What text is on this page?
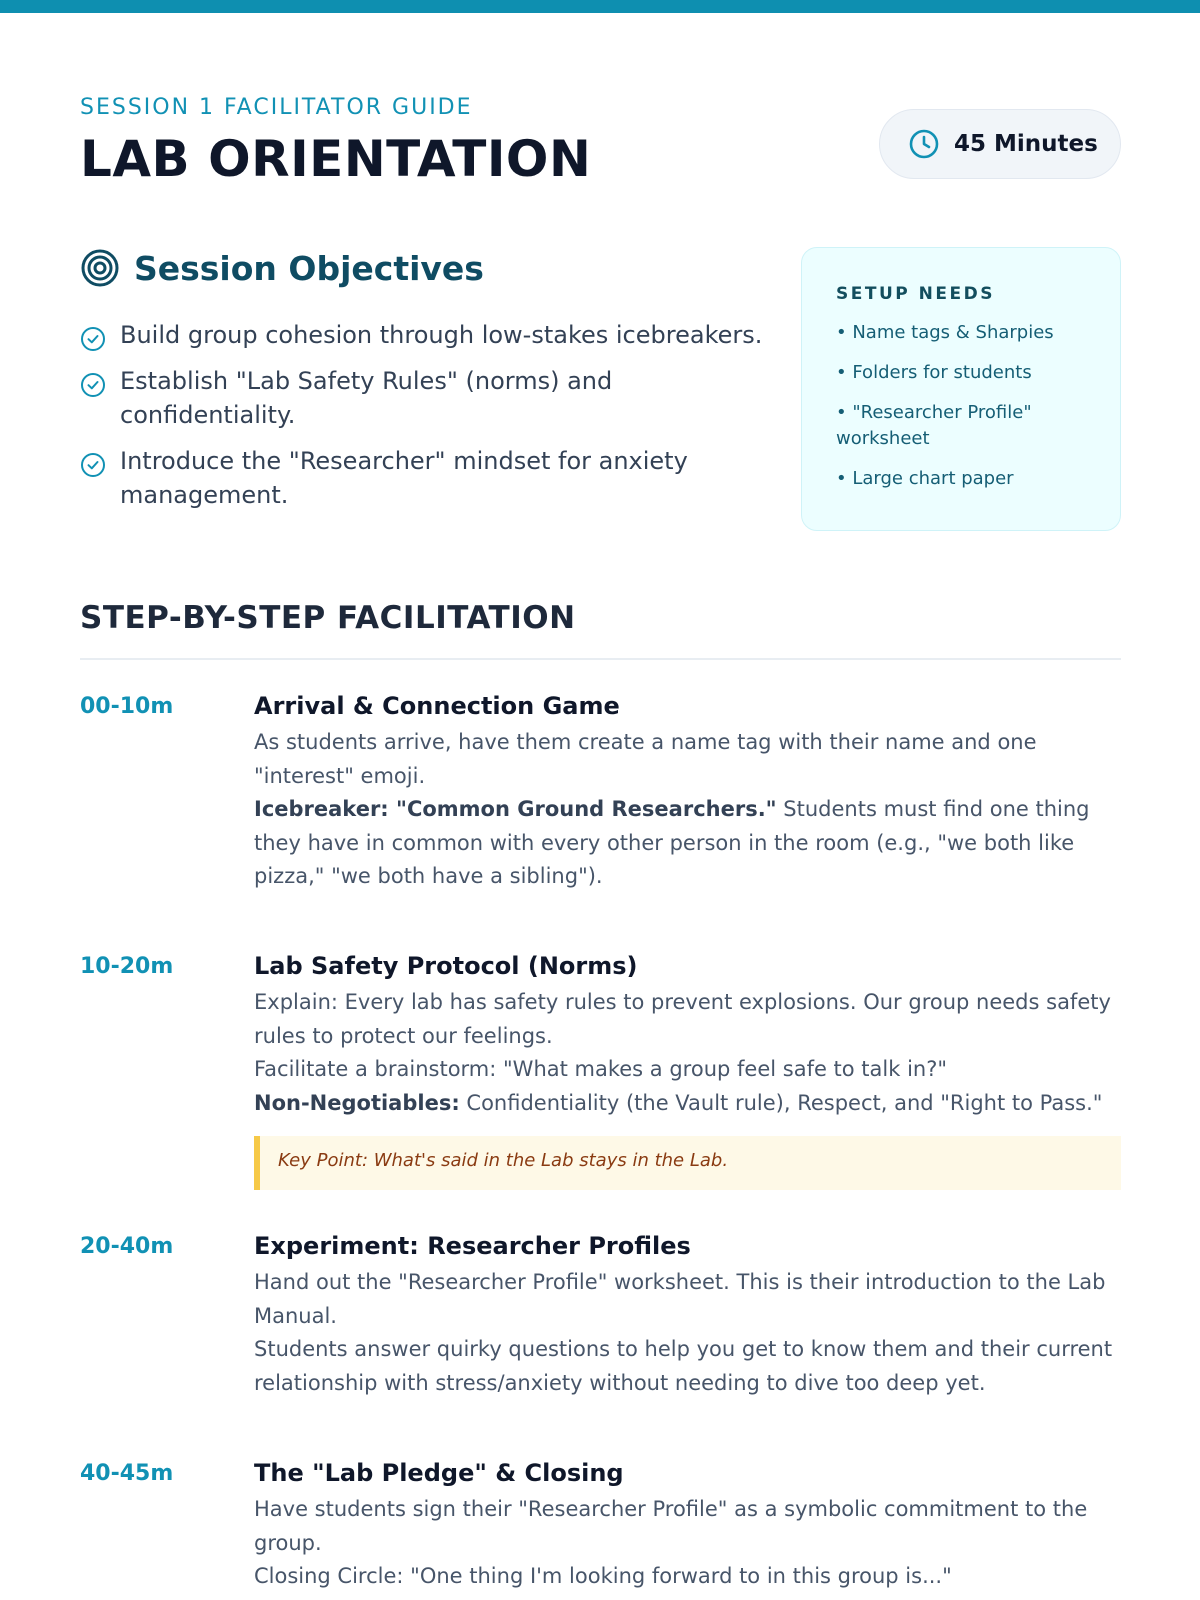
SESSION 1 FACILITATOR GUIDE
LAB ORIENTATION	45 Minutes
Session Objectives
Build group cohesion through low-stakes icebreakers.
Establish "Lab Safety Rules" (norms) and confidentiality.
Introduce the "Researcher" mindset for anxiety management.
SETUP NEEDS
• Name tags & Sharpies
• Folders for students
• "Researcher Profile" worksheet
• Large chart paper
STEP-BY-STEP FACILITATION
00-10m	Arrival & Connection Game

As students arrive, have them create a name tag with their name and one "interest" emoji.

Icebreaker: "Common Ground Researchers." Students must find one thing they have in common with every other person in the room (e.g., "we both like pizza," "we both have a sibling").

10-20m	Lab Safety Protocol (Norms)

Explain: Every lab has safety rules to prevent explosions. Our group needs safety rules to protect our feelings.

Facilitate a brainstorm: "What makes a group feel safe to talk in?"

Non-Negotiables: Confidentiality (the Vault rule), Respect, and "Right to Pass."

Key Point: What's said in the Lab stays in the Lab.
20-40m	Experiment: Researcher Profiles

Hand out the "Researcher Profile" worksheet. This is their introduction to the Lab Manual.

Students answer quirky questions to help you get to know them and their current relationship with stress/anxiety without needing to dive too deep yet.

40-45m	The "Lab Pledge" & Closing

Have students sign their "Researcher Profile" as a symbolic commitment to the group.

Closing Circle: "One thing I'm looking forward to in this group is..."
